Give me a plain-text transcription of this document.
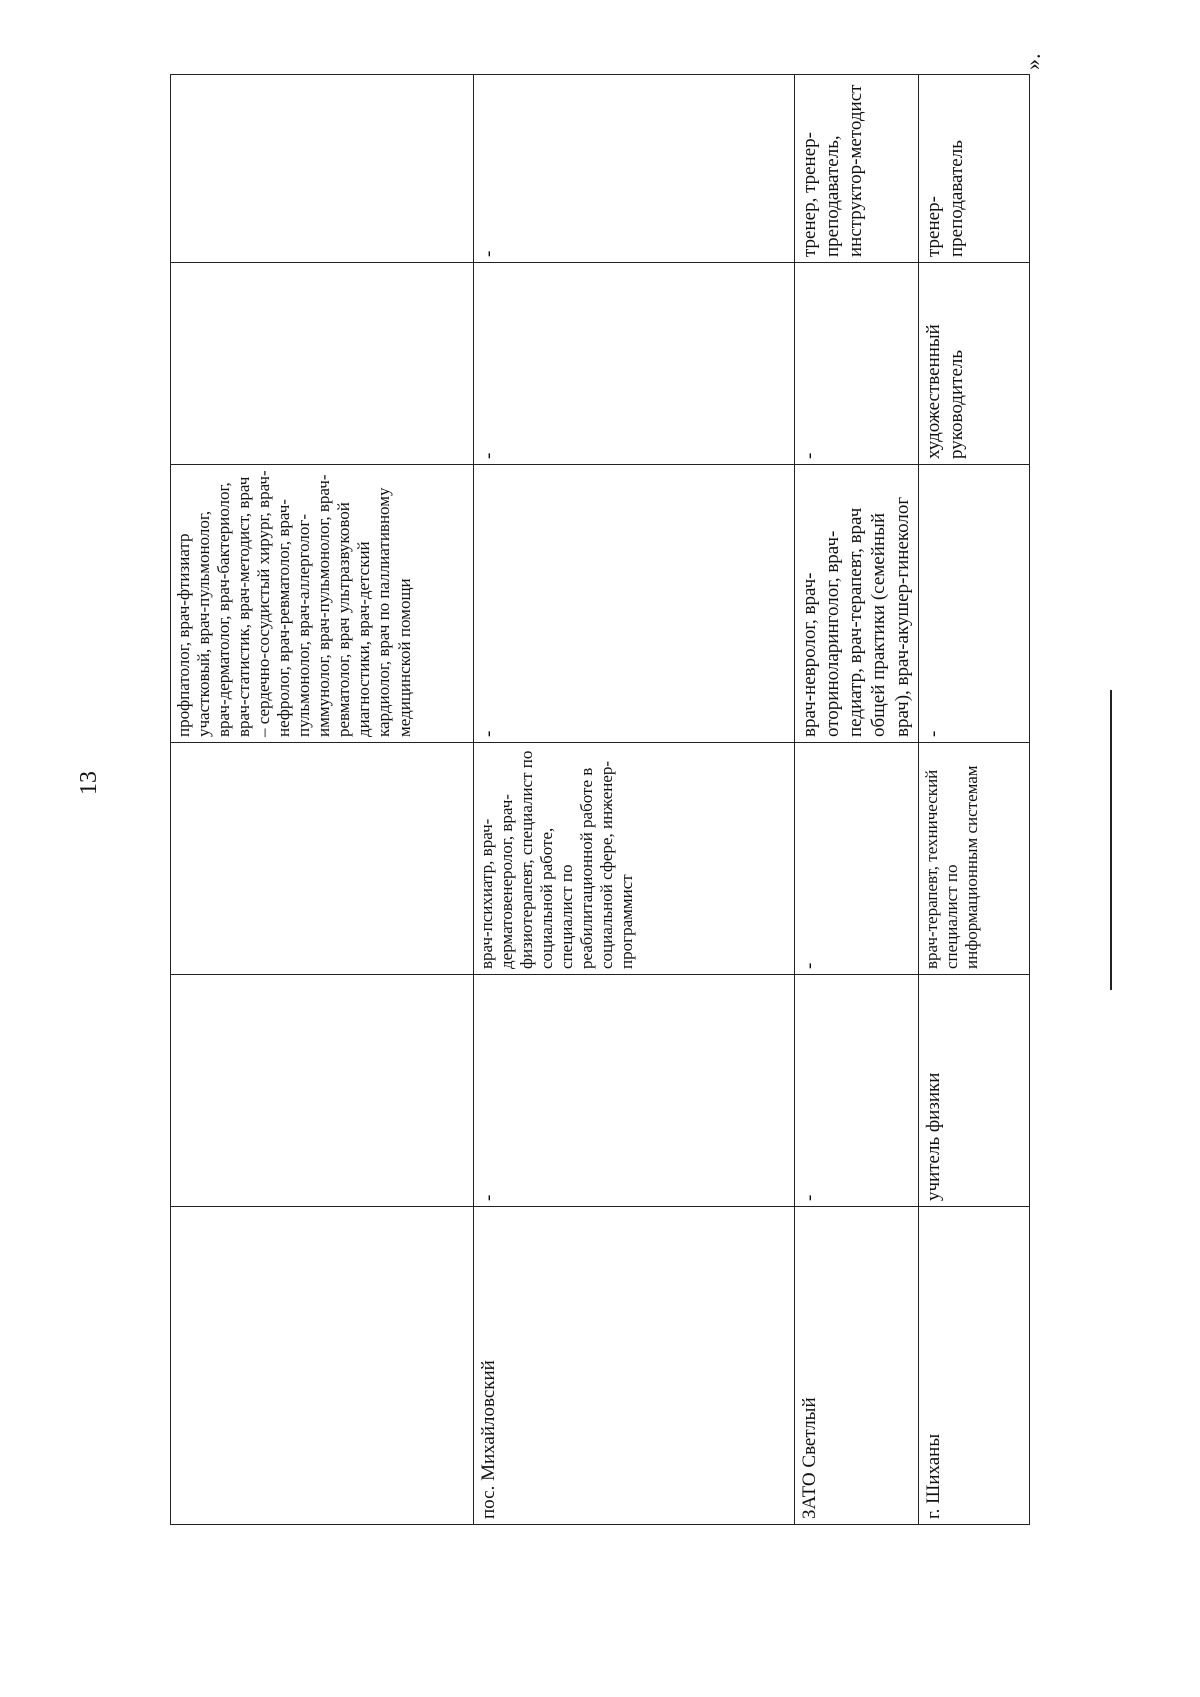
13
».
			профпатолог, врач-фтизиатр участковый, врач-пульмонолог, врач-дерматолог, врач-бактериолог, врач-статистик, врач-методист, врач – сердечно-сосудистый хирург, врач-нефролог, врач-ревматолог, врач-пульмонолог, врач-аллерголог-иммунолог, врач-пульмонолог, врач-ревматолог, врач ультразвуковой диагностики, врач-детский кардиолог, врач по паллиативному медицинской помощи		
пос. Михайловский	-	врач-психиатр, врач-дерматовенеролог, врач-физиотерапевт, специалист по социальной работе, специалист по реабилитационной работе в социальной сфере, инженер-программист	-	-	-
ЗАТО Светлый	-	-	врач-невролог, врач-оториноларинголог, врач-педиатр, врач-терапевт, врач общей практики (семейный врач), врач-акушер-гинеколог	-	тренер, тренер-преподаватель, инструктор-методист
г. Шиханы	учитель физики	врач-терапевт, технический специалист по информационным системам	-	художественный руководитель	тренер-преподаватель
